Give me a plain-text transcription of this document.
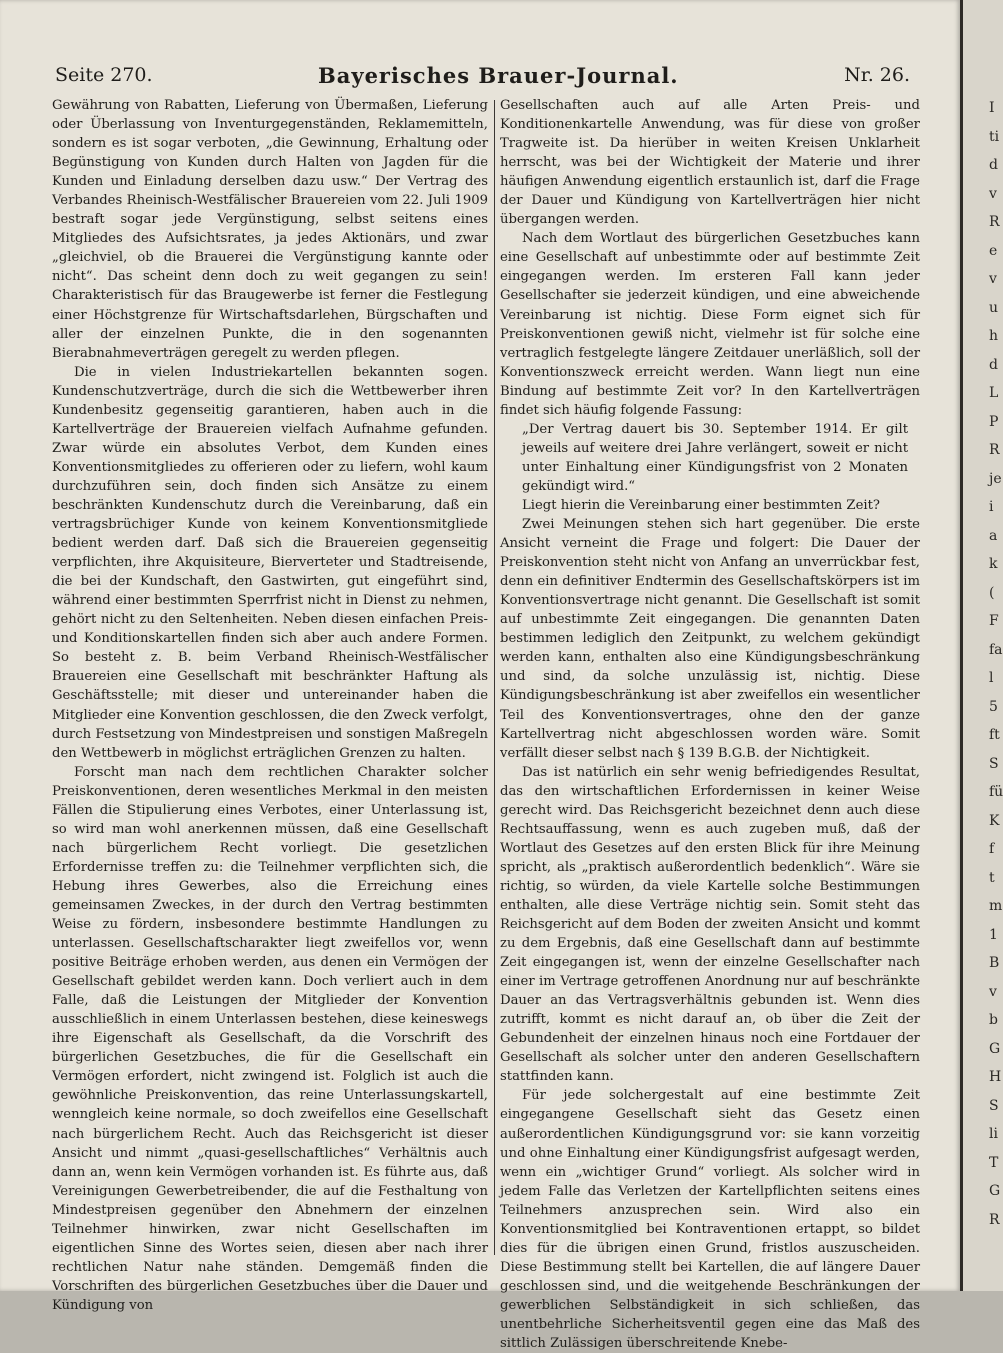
Seite 270.	Bayerisches Brauer-Journal.	Nr. 26.

Gewährung von Rabatten, Lieferung von Übermaßen, Lieferung oder Überlassung von Inventurgegenständen, Reklamemitteln, sondern es ist sogar verboten, „die Gewinnung, Erhaltung oder Begünstigung von Kunden durch Halten von Jagden für die Kunden und Einladung derselben dazu usw.“ Der Vertrag des Verbandes Rheinisch-Westfälischer Brauereien vom 22. Juli 1909 bestraft sogar jede Vergünstigung, selbst seitens eines Mitgliedes des Aufsichtsrates, ja jedes Aktionärs, und zwar „gleichviel, ob die Brauerei die Vergünstigung kannte oder nicht“. Das scheint denn doch zu weit gegangen zu sein! Charakteristisch für das Braugewerbe ist ferner die Festlegung einer Höchstgrenze für Wirtschaftsdarlehen, Bürgschaften und aller der einzelnen Punkte, die in den sogenannten Bierabnahmeverträgen geregelt zu werden pflegen.

Die in vielen Industriekartellen bekannten sogen. Kundenschutzverträge, durch die sich die Wettbewerber ihren Kundenbesitz gegenseitig garantieren, haben auch in die Kartellverträge der Brauereien vielfach Aufnahme gefunden. Zwar würde ein absolutes Verbot, dem Kunden eines Konventionsmitgliedes zu offerieren oder zu liefern, wohl kaum durchzuführen sein, doch finden sich Ansätze zu einem beschränkten Kundenschutz durch die Vereinbarung, daß ein vertragsbrüchiger Kunde von keinem Konventionsmitgliede bedient werden darf. Daß sich die Brauereien gegenseitig verpflichten, ihre Akquisiteure, Bierverteter und Stadtreisende, die bei der Kundschaft, den Gastwirten, gut eingeführt sind, während einer bestimmten Sperrfrist nicht in Dienst zu nehmen, gehört nicht zu den Seltenheiten. Neben diesen einfachen Preis- und Konditionskartellen finden sich aber auch andere Formen. So besteht z. B. beim Verband Rheinisch-Westfälischer Brauereien eine Gesellschaft mit beschränkter Haftung als Geschäftsstelle; mit dieser und untereinander haben die Mitglieder eine Konvention geschlossen, die den Zweck verfolgt, durch Festsetzung von Mindestpreisen und sonstigen Maßregeln den Wettbewerb in möglichst erträglichen Grenzen zu halten.

Forscht man nach dem rechtlichen Charakter solcher Preiskonventionen, deren wesentliches Merkmal in den meisten Fällen die Stipulierung eines Verbotes, einer Unterlassung ist, so wird man wohl anerkennen müssen, daß eine Gesellschaft nach bürgerlichem Recht vorliegt. Die gesetzlichen Erfordernisse treffen zu: die Teilnehmer verpflichten sich, die Hebung ihres Gewerbes, also die Erreichung eines gemeinsamen Zweckes, in der durch den Vertrag bestimmten Weise zu fördern, insbesondere bestimmte Handlungen zu unterlassen. Gesellschaftscharakter liegt zweifellos vor, wenn positive Beiträge erhoben werden, aus denen ein Vermögen der Gesellschaft gebildet werden kann. Doch verliert auch in dem Falle, daß die Leistungen der Mitglieder der Konvention ausschließlich in einem Unterlassen bestehen, diese keineswegs ihre Eigenschaft als Gesellschaft, da die Vorschrift des bürgerlichen Gesetzbuches, die für die Gesellschaft ein Vermögen erfordert, nicht zwingend ist. Folglich ist auch die gewöhnliche Preiskonvention, das reine Unterlassungskartell, wenngleich keine normale, so doch zweifellos eine Gesellschaft nach bürgerlichem Recht. Auch das Reichsgericht ist dieser Ansicht und nimmt „quasi-gesellschaftliches“ Verhältnis auch dann an, wenn kein Vermögen vorhanden ist. Es führte aus, daß Vereinigungen Gewerbetreibender, die auf die Festhaltung von Mindestpreisen gegenüber den Abnehmern der einzelnen Teilnehmer hinwirken, zwar nicht Gesellschaften im eigentlichen Sinne des Wortes seien, diesen aber nach ihrer rechtlichen Natur nahe ständen. Demgemäß finden die Vorschriften des bürgerlichen Gesetzbuches über die Dauer und Kündigung von

Gesellschaften auch auf alle Arten Preis- und Konditionenkartelle Anwendung, was für diese von großer Tragweite ist. Da hierüber in weiten Kreisen Unklarheit herrscht, was bei der Wichtigkeit der Materie und ihrer häufigen Anwendung eigentlich erstaunlich ist, darf die Frage der Dauer und Kündigung von Kartellverträgen hier nicht übergangen werden.

Nach dem Wortlaut des bürgerlichen Gesetzbuches kann eine Gesellschaft auf unbestimmte oder auf bestimmte Zeit eingegangen werden. Im ersteren Fall kann jeder Gesellschafter sie jederzeit kündigen, und eine abweichende Vereinbarung ist nichtig. Diese Form eignet sich für Preiskonventionen gewiß nicht, vielmehr ist für solche eine vertraglich festgelegte längere Zeitdauer unerläßlich, soll der Konventionszweck erreicht werden. Wann liegt nun eine Bindung auf bestimmte Zeit vor? In den Kartellverträgen findet sich häufig folgende Fassung:

„Der Vertrag dauert bis 30. September 1914. Er gilt jeweils auf weitere drei Jahre verlängert, soweit er nicht unter Einhaltung einer Kündigungsfrist von 2 Monaten gekündigt wird.“

Liegt hierin die Vereinbarung einer bestimmten Zeit?

Zwei Meinungen stehen sich hart gegenüber. Die erste Ansicht verneint die Frage und folgert: Die Dauer der Preiskonvention steht nicht von Anfang an unverrückbar fest, denn ein definitiver Endtermin des Gesellschaftskörpers ist im Konventionsvertrage nicht genannt. Die Gesellschaft ist somit auf unbestimmte Zeit eingegangen. Die genannten Daten bestimmen lediglich den Zeitpunkt, zu welchem gekündigt werden kann, enthalten also eine Kündigungsbeschränkung und sind, da solche unzulässig ist, nichtig. Diese Kündigungsbeschränkung ist aber zweifellos ein wesentlicher Teil des Konventionsvertrages, ohne den der ganze Kartellvertrag nicht abgeschlossen worden wäre. Somit verfällt dieser selbst nach § 139 B.G.B. der Nichtigkeit.

Das ist natürlich ein sehr wenig befriedigendes Resultat, das den wirtschaftlichen Erfordernissen in keiner Weise gerecht wird. Das Reichsgericht bezeichnet denn auch diese Rechtsauffassung, wenn es auch zugeben muß, daß der Wortlaut des Gesetzes auf den ersten Blick für ihre Meinung spricht, als „praktisch außerordentlich bedenklich“. Wäre sie richtig, so würden, da viele Kartelle solche Bestimmungen enthalten, alle diese Verträge nichtig sein. Somit steht das Reichsgericht auf dem Boden der zweiten Ansicht und kommt zu dem Ergebnis, daß eine Gesellschaft dann auf bestimmte Zeit eingegangen ist, wenn der einzelne Gesellschafter nach einer im Vertrage getroffenen Anordnung nur auf beschränkte Dauer an das Vertragsverhältnis gebunden ist. Wenn dies zutrifft, kommt es nicht darauf an, ob über die Zeit der Gebundenheit der einzelnen hinaus noch eine Fortdauer der Gesellschaft als solcher unter den anderen Gesellschaftern stattfinden kann.

Für jede solchergestalt auf eine bestimmte Zeit eingegangene Gesellschaft sieht das Gesetz einen außerordentlichen Kündigungsgrund vor: sie kann vorzeitig und ohne Einhaltung einer Kündigungsfrist aufgesagt werden, wenn ein „wichtiger Grund“ vorliegt. Als solcher wird in jedem Falle das Verletzen der Kartellpflichten seitens eines Teilnehmers anzusprechen sein. Wird also ein Konventionsmitglied bei Kontraventionen ertappt, so bildet dies für die übrigen einen Grund, fristlos auszuscheiden. Diese Bestimmung stellt bei Kartellen, die auf längere Dauer geschlossen sind, und die weitgehende Beschränkungen der gewerblichen Selbständigkeit in sich schließen, das unentbehrliche Sicherheitsventil gegen eine das Maß des sittlich Zulässigen überschreitende Knebe-

I
ti
d
v
R
e
v
u
h
d
L
P
R
je
i
a
k
(
F
fa
l
5
ft
S
fü
K
f
t
m
1
B
v
b
G
H
S
li
T
G
R
